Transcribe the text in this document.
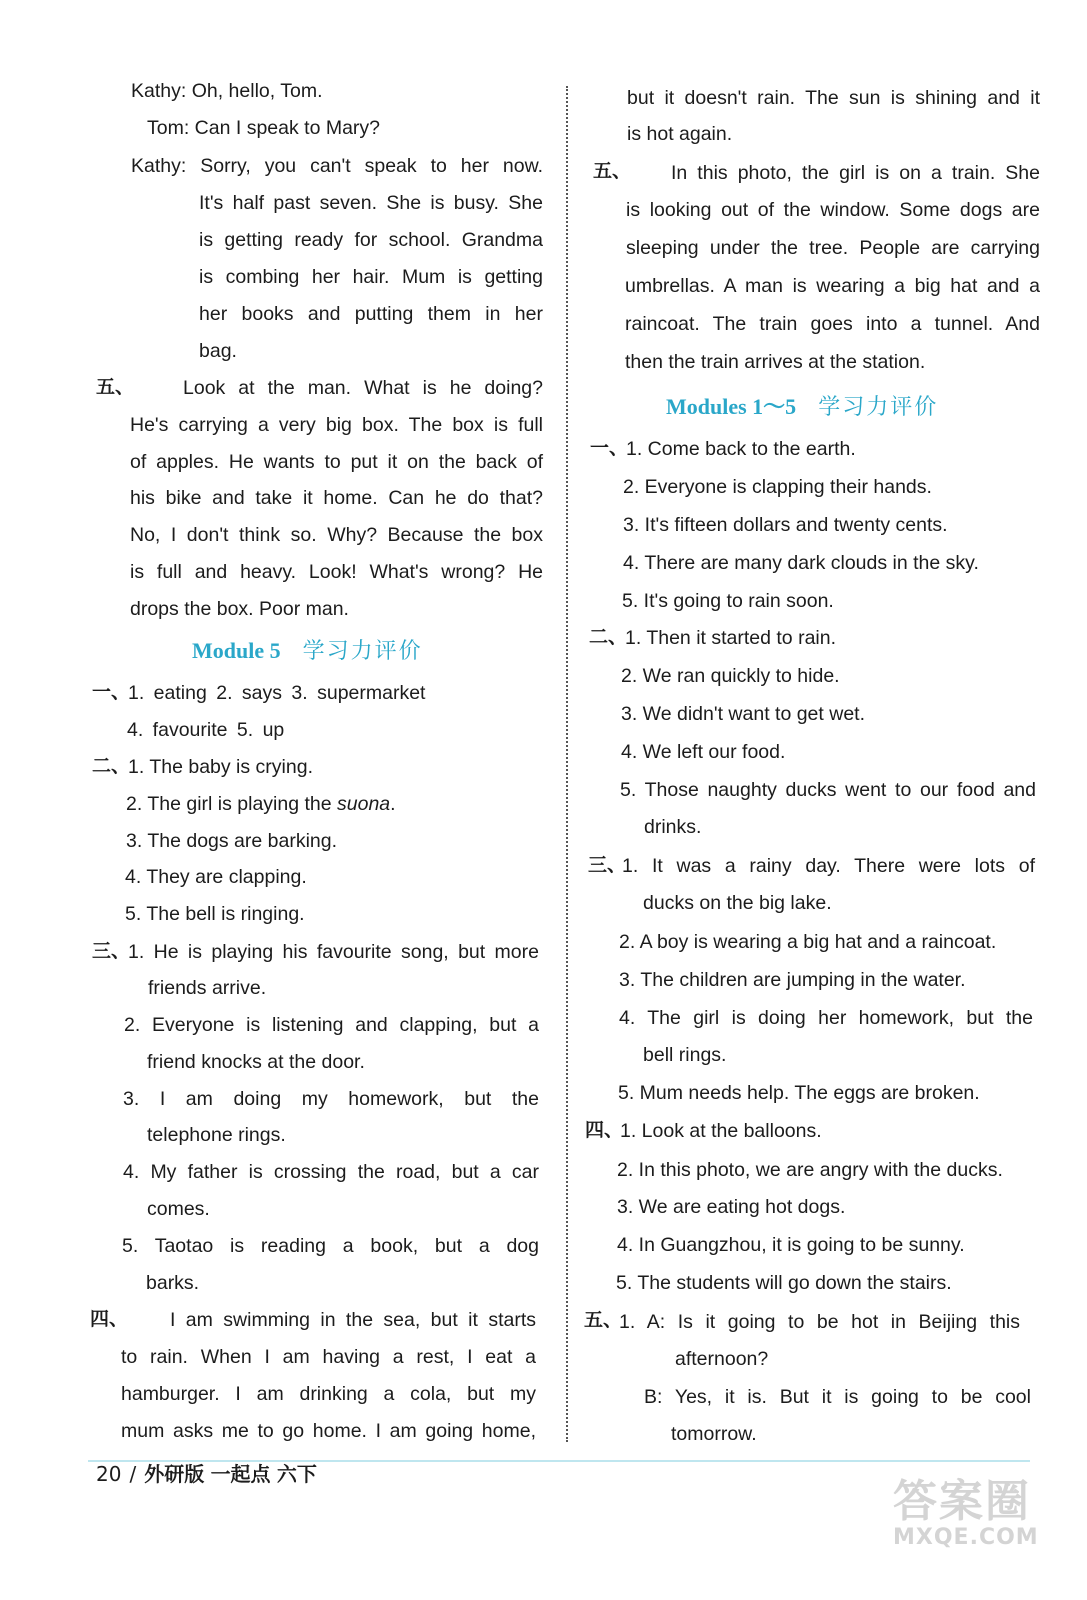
Kathy: Oh, hello, Tom.
Tom: Can I speak to Mary?
Kathy: Sorry, you can't speak to her now.
It's half past seven. She is busy. She
is getting ready for school. Grandma
is combing her hair. Mum is getting
her books and putting them in her
bag.
五、	Look at the man. What is he doing?
He's carrying a very big box. The box is full
of apples. He wants to put it on the back of
his bike and take it home. Can he do that?
No, I don't think so. Why? Because the box
is full and heavy. Look! What's wrong? He
drops the box. Poor man.
Module 5 学习力评价
一、
1. eating 2. says 3. supermarket
4. favourite 5. up
二、
1. The baby is crying.
2. The girl is playing the suona.
3. The dogs are barking.
4. They are clapping.
5. The bell is ringing.
三、
1. He is playing his favourite song, but more
friends arrive.
2. Everyone is listening and clapping, but a
friend knocks at the door.
3. I am doing my homework, but the
telephone rings.
4. My father is crossing the road, but a car
comes.
5. Taotao is reading a book, but a dog
barks.
四、 I am swimming in the sea, but it starts
to rain. When I am having a rest, I eat a
hamburger. I am drinking a cola, but my
mum asks me to go home. I am going home,
but it doesn't rain. The sun is shining and it
is hot again.
五、 In this photo, the girl is on a train. She
is looking out of the window. Some dogs are
sleeping under the tree. People are carrying
umbrellas. A man is wearing a big hat and a
raincoat. The train goes into a tunnel. And
then the train arrives at the station.
Modules 1～5 学习力评价
一、
1. Come back to the earth.
2. Everyone is clapping their hands.
3. It's fifteen dollars and twenty cents.
4. There are many dark clouds in the sky.
5. It's going to rain soon.
二、
1. Then it started to rain.
2. We ran quickly to hide.
3. We didn't want to get wet.
4. We left our food.
5. Those naughty ducks went to our food and
drinks.
三、
1. It was a rainy day. There were lots of
ducks on the big lake.
2. A boy is wearing a big hat and a raincoat.
3. The children are jumping in the water.
4. The girl is doing her homework, but the
bell rings.
5. Mum needs help. The eggs are broken.
四、
1. Look at the balloons.
2. In this photo, we are angry with the ducks.
3. We are eating hot dogs.
4. In Guangzhou, it is going to be sunny.
5. The students will go down the stairs.
五、
1. A: Is it going to be hot in Beijing this
afternoon?
B: Yes, it is. But it is going to be cool
tomorrow.
20 / 外研版 一起点 六下
答案圈
MXQE.COM
